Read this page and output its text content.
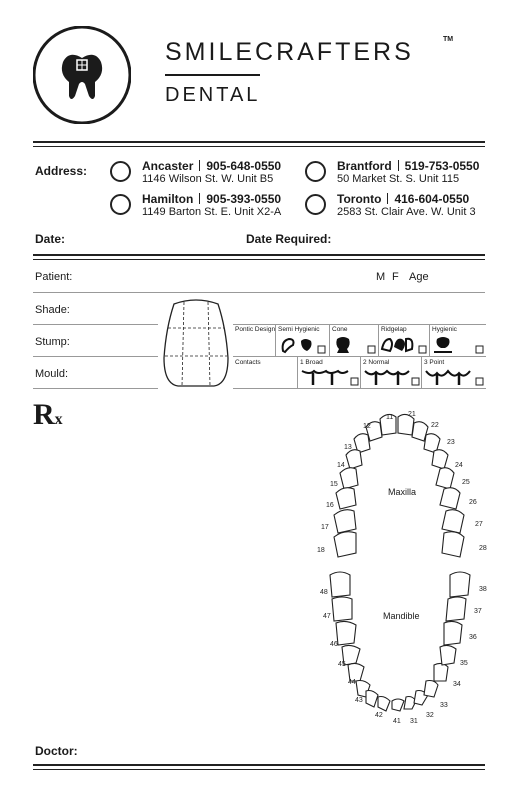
SMILECRAFTERS	TM
DENTAL
Address:	Ancaster 905-648-0550
1146 Wilson St. W. Unit B5
Hamilton 905-393-0550
1149 Barton St. E. Unit X2-A
Brantford 519-753-0550
50 Market St. S. Unit 115
Toronto 416-604-0550
2583 St. Clair Ave. W. Unit 3
Date:	Date Required:
Patient:	M F Age
Shade:
Stump:
Mould:
Pontic Design Semi Hygienic Cone	Ridgelap	Hygienic
Contacts	1 Broad	2 Normal	3 Point
Rx
Maxilla
Mandible
11
12
13
14
15
16
17
18
21
22
23
24
25
26
27
28
31
32
33
34
35
36
37
38
41
42
43
44
45
46
47
48
Doctor:
